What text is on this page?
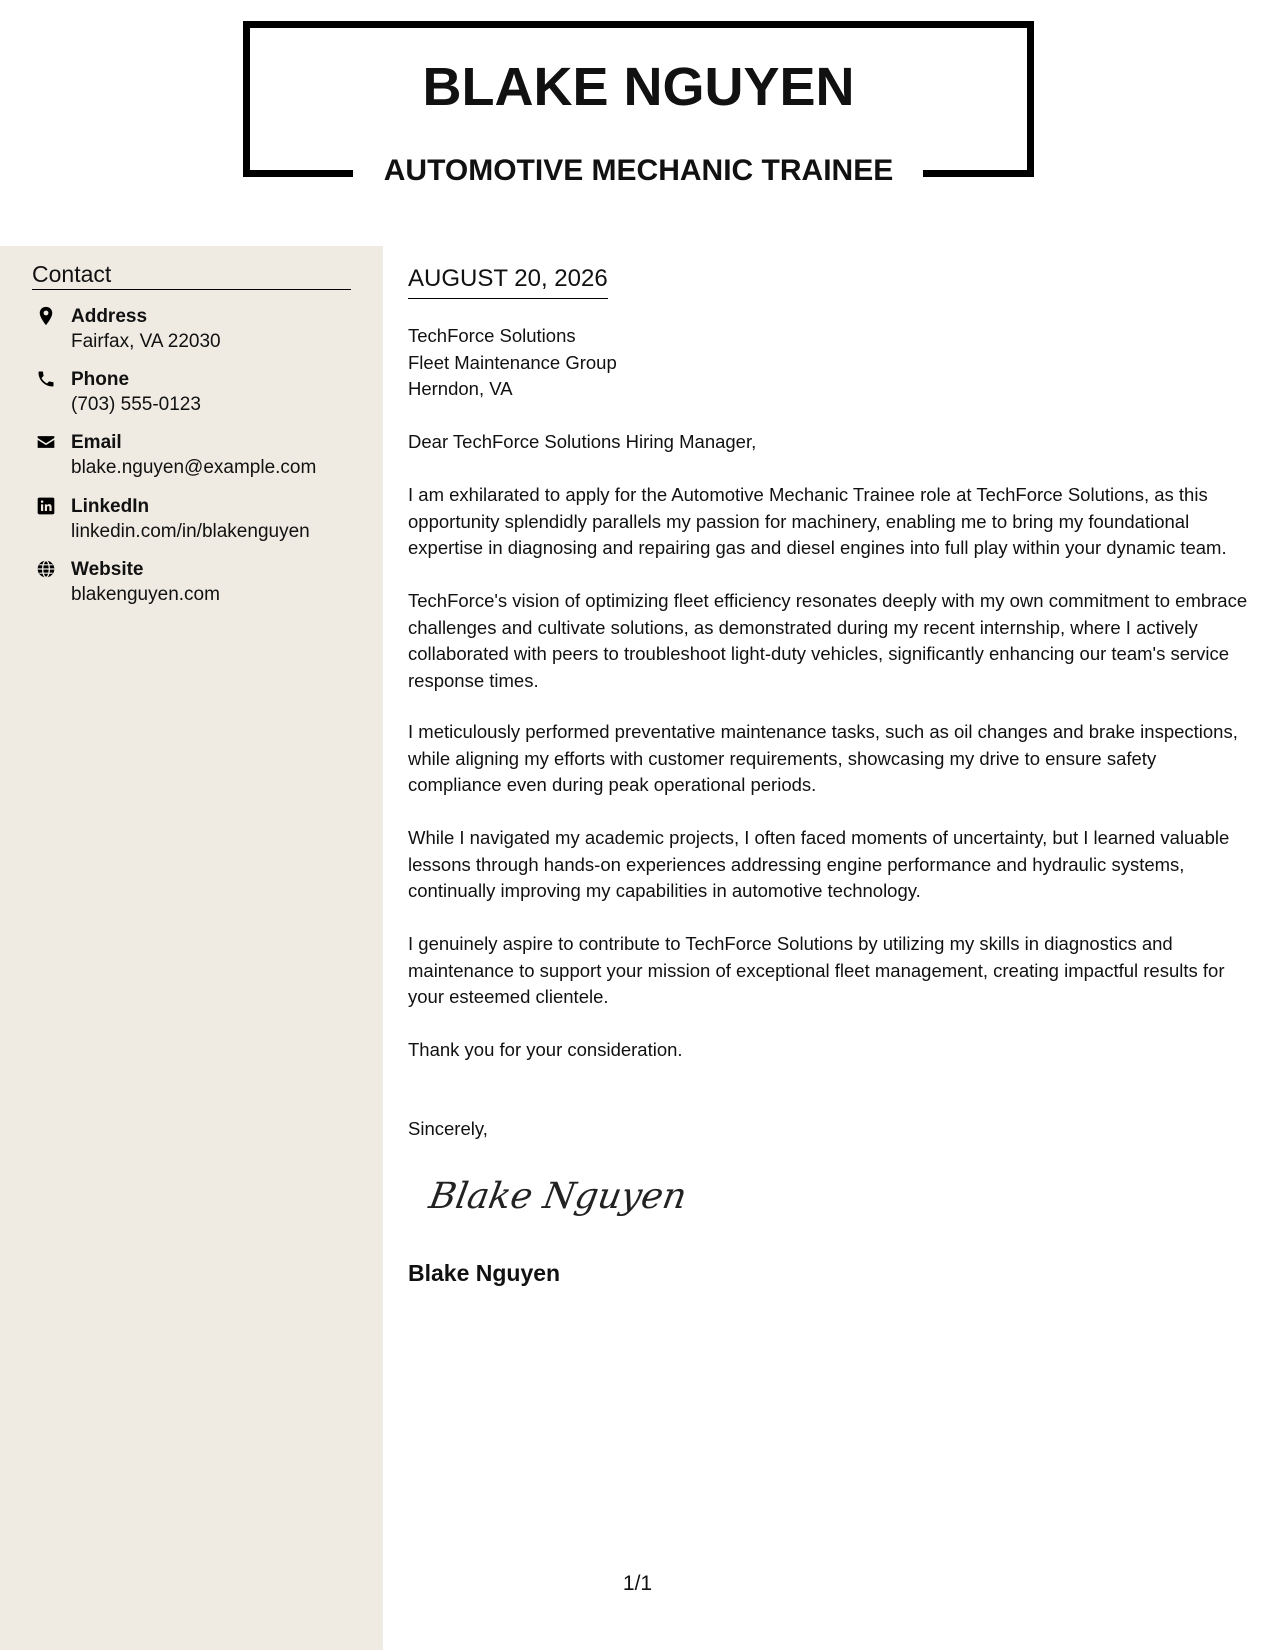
BLAKE NGUYEN
AUTOMOTIVE MECHANIC TRAINEE
Contact
Address
Fairfax, VA 22030
Phone
(703) 555-0123
Email
blake.nguyen@example.com
LinkedIn
linkedin.com/in/blakenguyen
Website
blakenguyen.com
AUGUST 20, 2026
TechForce Solutions
Fleet Maintenance Group
Herndon, VA

Dear TechForce Solutions Hiring Manager,

I am exhilarated to apply for the Automotive Mechanic Trainee role at TechForce Solutions, as this opportunity splendidly parallels my passion for machinery, enabling me to bring my foundational expertise in diagnosing and repairing gas and diesel engines into full play within your dynamic team.

TechForce's vision of optimizing fleet efficiency resonates deeply with my own commitment to embrace challenges and cultivate solutions, as demonstrated during my recent internship, where I actively collaborated with peers to troubleshoot light-duty vehicles, significantly enhancing our team's service response times.

I meticulously performed preventative maintenance tasks, such as oil changes and brake inspections, while aligning my efforts with customer requirements, showcasing my drive to ensure safety compliance even during peak operational periods.

While I navigated my academic projects, I often faced moments of uncertainty, but I learned valuable lessons through hands-on experiences addressing engine performance and hydraulic systems, continually improving my capabilities in automotive technology.

I genuinely aspire to contribute to TechForce Solutions by utilizing my skills in diagnostics and maintenance to support your mission of exceptional fleet management, creating impactful results for your esteemed clientele.

Thank you for your consideration.

Sincerely,

Blake Nguyen
Blake Nguyen
1/1
